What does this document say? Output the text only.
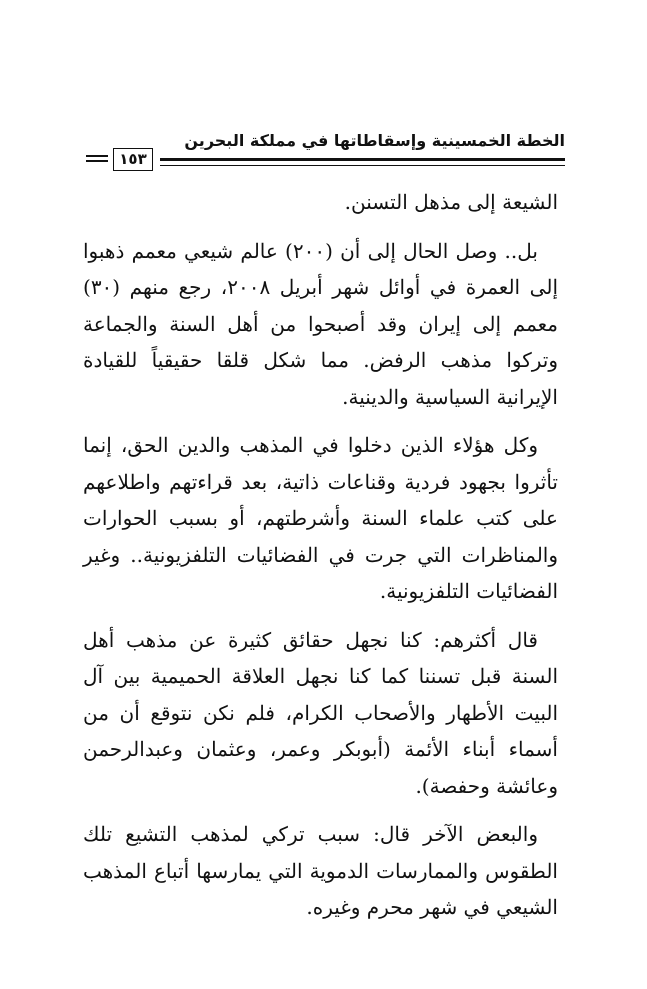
الخطة الخمسينية وإسقاطاتها في مملكة البحرين
١٥٣

الشيعة إلى مذهل التسنن.

بل.. وصل الحال إلى أن (٢٠٠) عالم شيعي معمم ذهبوا إلى العمرة في أوائل شهر أبريل ٢٠٠٨، رجع منهم (٣٠) معمم إلى إيران وقد أصبحوا من أهل السنة والجماعة وتركوا مذهب الرفض. مما شكل قلقا حقيقياً للقيادة الإيرانية السياسية والدينية.

وكل هؤلاء الذين دخلوا في المذهب والدين الحق، إنما تأثروا بجهود فردية وقناعات ذاتية، بعد قراءتهم واطلاعهم على كتب علماء السنة وأشرطتهم، أو بسبب الحوارات والمناظرات التي جرت في الفضائيات التلفزيونية.. وغير الفضائيات التلفزيونية.

قال أكثرهم: كنا نجهل حقائق كثيرة عن مذهب أهل السنة قبل تسننا كما كنا نجهل العلاقة الحميمية بين آل البيت الأطهار والأصحاب الكرام، فلم نكن نتوقع أن من أسماء أبناء الأئمة (أبوبكر وعمر، وعثمان وعبدالرحمن وعائشة وحفصة).

والبعض الآخر قال: سبب تركي لمذهب التشيع تلك الطقوس والممارسات الدموية التي يمارسها أتباع المذهب الشيعي في شهر محرم وغيره.
